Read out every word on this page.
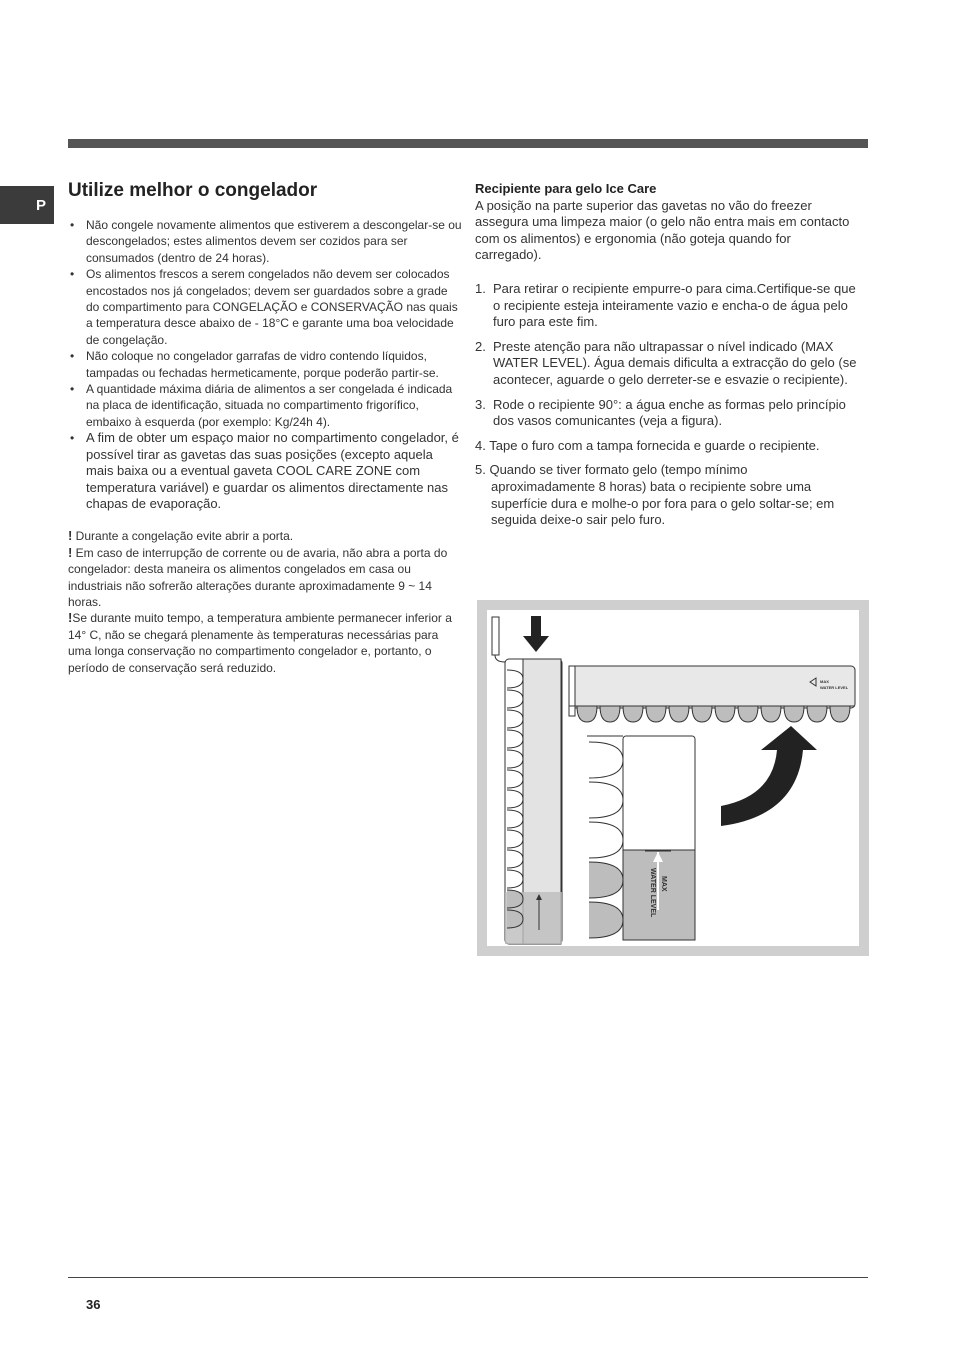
P
Utilize melhor o congelador
• Não congele novamente alimentos que estiverem a descongelar-se ou descongelados; estes alimentos devem ser cozidos para ser consumados (dentro de 24 horas).
• Os alimentos frescos a serem congelados não devem ser colocados encostados nos já congelados; devem ser guardados sobre a grade do compartimento para CONGELAÇÃO e CONSERVAÇÃO nas quais a temperatura desce abaixo de - 18°C e garante uma boa velocidade de congelação.
• Não coloque no congelador garrafas de vidro contendo líquidos, tampadas ou fechadas hermeticamente, porque poderão partir-se.
• A quantidade máxima diária de alimentos a ser congelada é indicada na placa de identificação, situada no compartimento frigorífico, embaixo à esquerda (por exemplo: Kg/24h 4).
• A fim de obter um espaço maior no compartimento congelador, é possível tirar as gavetas das suas posições (excepto aquela mais baixa ou a eventual gaveta COOL CARE ZONE com temperatura variável) e guardar os alimentos directamente nas chapas de evaporação.

! Durante a congelação evite abrir a porta.

! Em caso de interrupção de corrente ou de avaria, não abra a porta do congelador: desta maneira os alimentos congelados em casa ou industriais não sofrerão alterações durante aproximadamente 9 ~ 14 horas.

!Se durante muito tempo, a temperatura ambiente permanecer inferior a 14° C, não se chegará plenamente às temperaturas necessárias para uma longa conservação no compartimento congelador e, portanto, o período de conservação será reduzido.

Recipiente para gelo Ice Care

A posição na parte superior das gavetas no vão do freezer assegura uma limpeza maior (o gelo não entra mais em contacto com os alimentos) e ergonomia (não goteja quando for carregado).

1. Para retirar o recipiente empurre-o para cima.Certifique-se que o recipiente esteja inteiramente vazio e encha-o de água pelo furo para este fim.
2. Preste atenção para não ultrapassar o nível indicado (MAX WATER LEVEL). Água demais dificulta a extracção do gelo (se acontecer, aguarde o gelo derreter-se e esvazie o recipiente).
3. Rode o recipiente 90°: a água enche as formas pelo princípio dos vasos comunicantes (veja a figura).
4. Tape o furo com a tampa fornecida e guarde o recipiente.
5. Quando se tiver formato gelo (tempo mínimo
aproximadamente 8 horas) bata o recipiente sobre uma superfície dura e molhe-o por fora para o gelo soltar-se; em seguida deixe-o sair pelo furo.
MAX
WATER LEVEL
MAX
WATER LEVEL
36
